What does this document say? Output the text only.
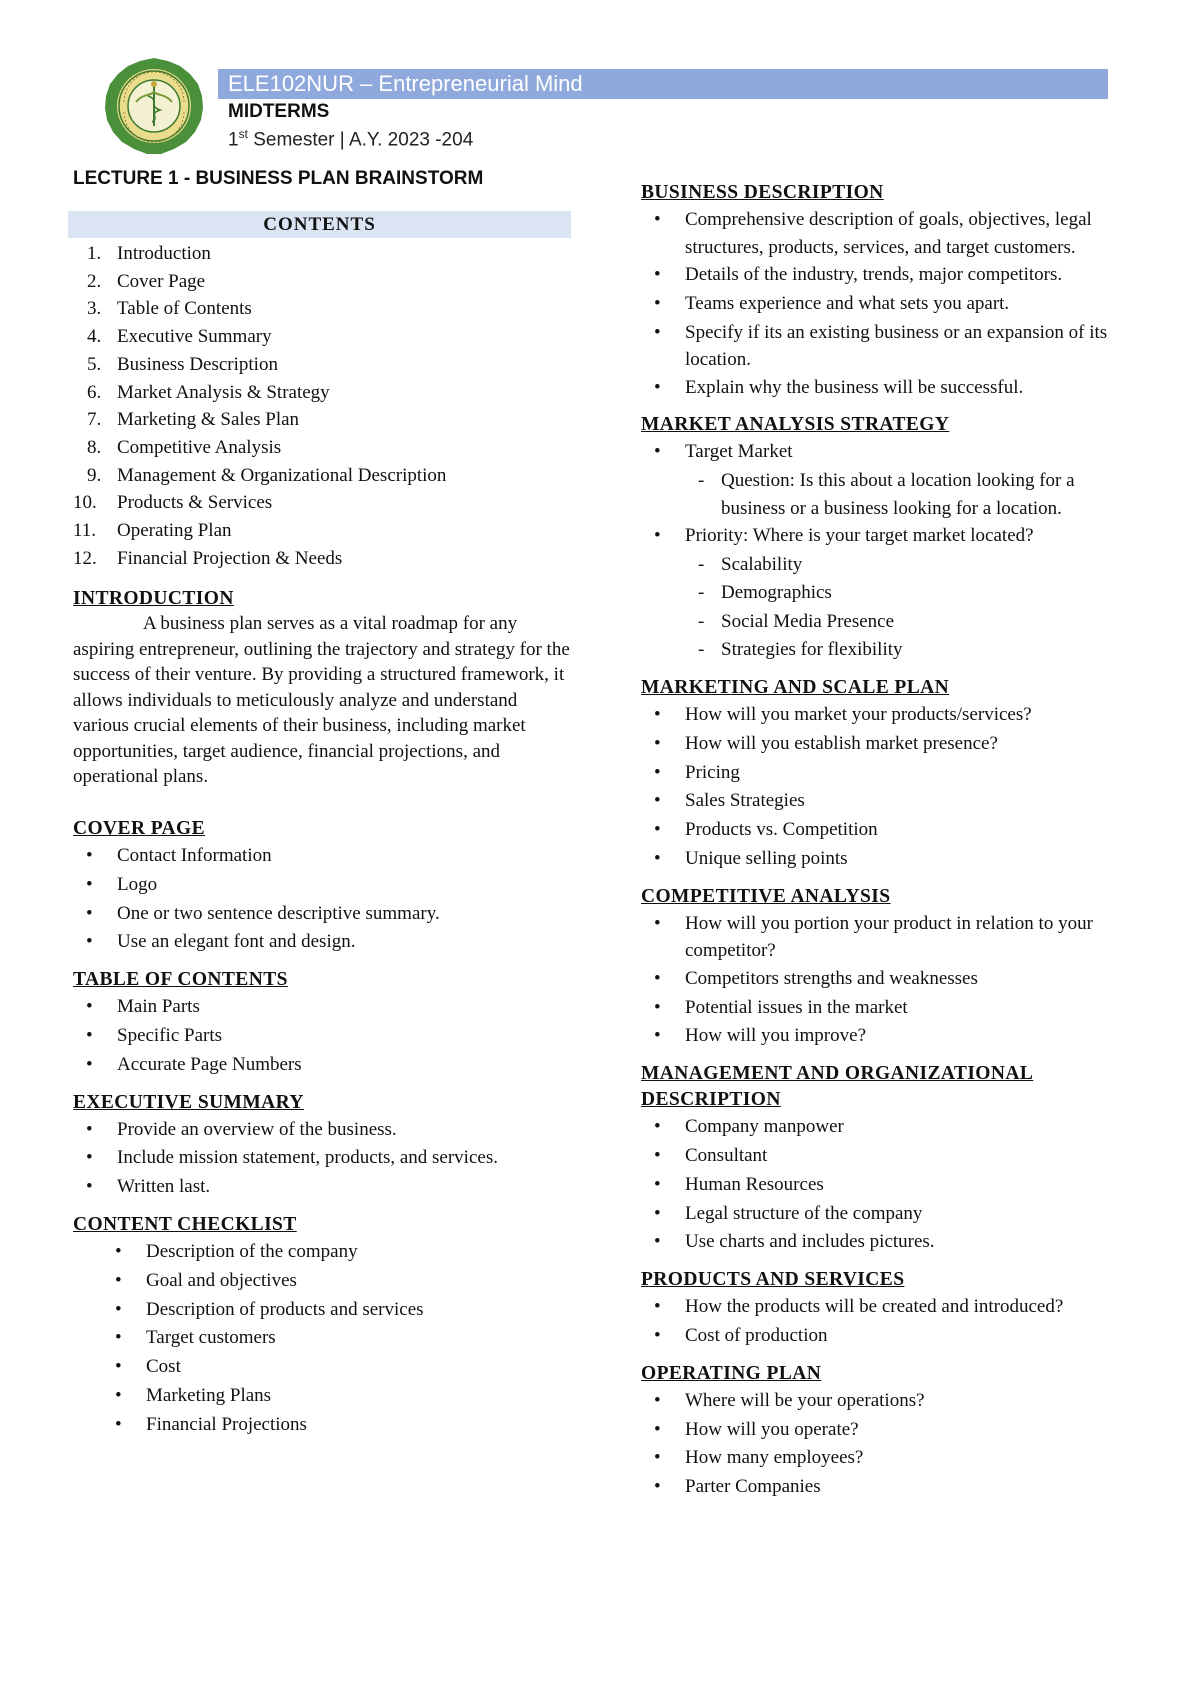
ELE102NUR – Entrepreneurial Mind
MIDTERMS
1st Semester | A.Y. 2023 -204
LECTURE 1 - BUSINESS PLAN BRAINSTORM
CONTENTS
1. Introduction
2. Cover Page
3. Table of Contents
4. Executive Summary
5. Business Description
6. Market Analysis & Strategy
7. Marketing & Sales Plan
8. Competitive Analysis
9. Management & Organizational Description
10. Products & Services
11. Operating Plan
12. Financial Projection & Needs

INTRODUCTION

A business plan serves as a vital roadmap for any aspiring entrepreneur, outlining the trajectory and strategy for the success of their venture. By providing a structured framework, it allows individuals to meticulously analyze and understand various crucial elements of their business, including market opportunities, target audience, financial projections, and operational plans.

COVER PAGE

• Contact Information
• Logo
• One or two sentence descriptive summary.
• Use an elegant font and design.

TABLE OF CONTENTS

• Main Parts
• Specific Parts
• Accurate Page Numbers

EXECUTIVE SUMMARY

• Provide an overview of the business.
• Include mission statement, products, and services.
• Written last.

CONTENT CHECKLIST

• Description of the company
• Goal and objectives
• Description of products and services
• Target customers
• Cost
• Marketing Plans
• Financial Projections

BUSINESS DESCRIPTION

• Comprehensive description of goals, objectives, legal structures, products, services, and target customers.
• Details of the industry, trends, major competitors.
• Teams experience and what sets you apart.
• Specify if its an existing business or an expansion of its location.
• Explain why the business will be successful.

MARKET ANALYSIS STRATEGY

• Target Market
- Question: Is this about a location looking for a business or a business looking for a location.
• Priority: Where is your target market located?
- Scalability
- Demographics
- Social Media Presence
- Strategies for flexibility

MARKETING AND SCALE PLAN

• How will you market your products/services?
• How will you establish market presence?
• Pricing
• Sales Strategies
• Products vs. Competition
• Unique selling points

COMPETITIVE ANALYSIS

• How will you portion your product in relation to your competitor?
• Competitors strengths and weaknesses
• Potential issues in the market
• How will you improve?

MANAGEMENT AND ORGANIZATIONAL DESCRIPTION

• Company manpower
• Consultant
• Human Resources
• Legal structure of the company
• Use charts and includes pictures.

PRODUCTS AND SERVICES

• How the products will be created and introduced?
• Cost of production

OPERATING PLAN

• Where will be your operations?
• How will you operate?
• How many employees?
• Parter Companies
